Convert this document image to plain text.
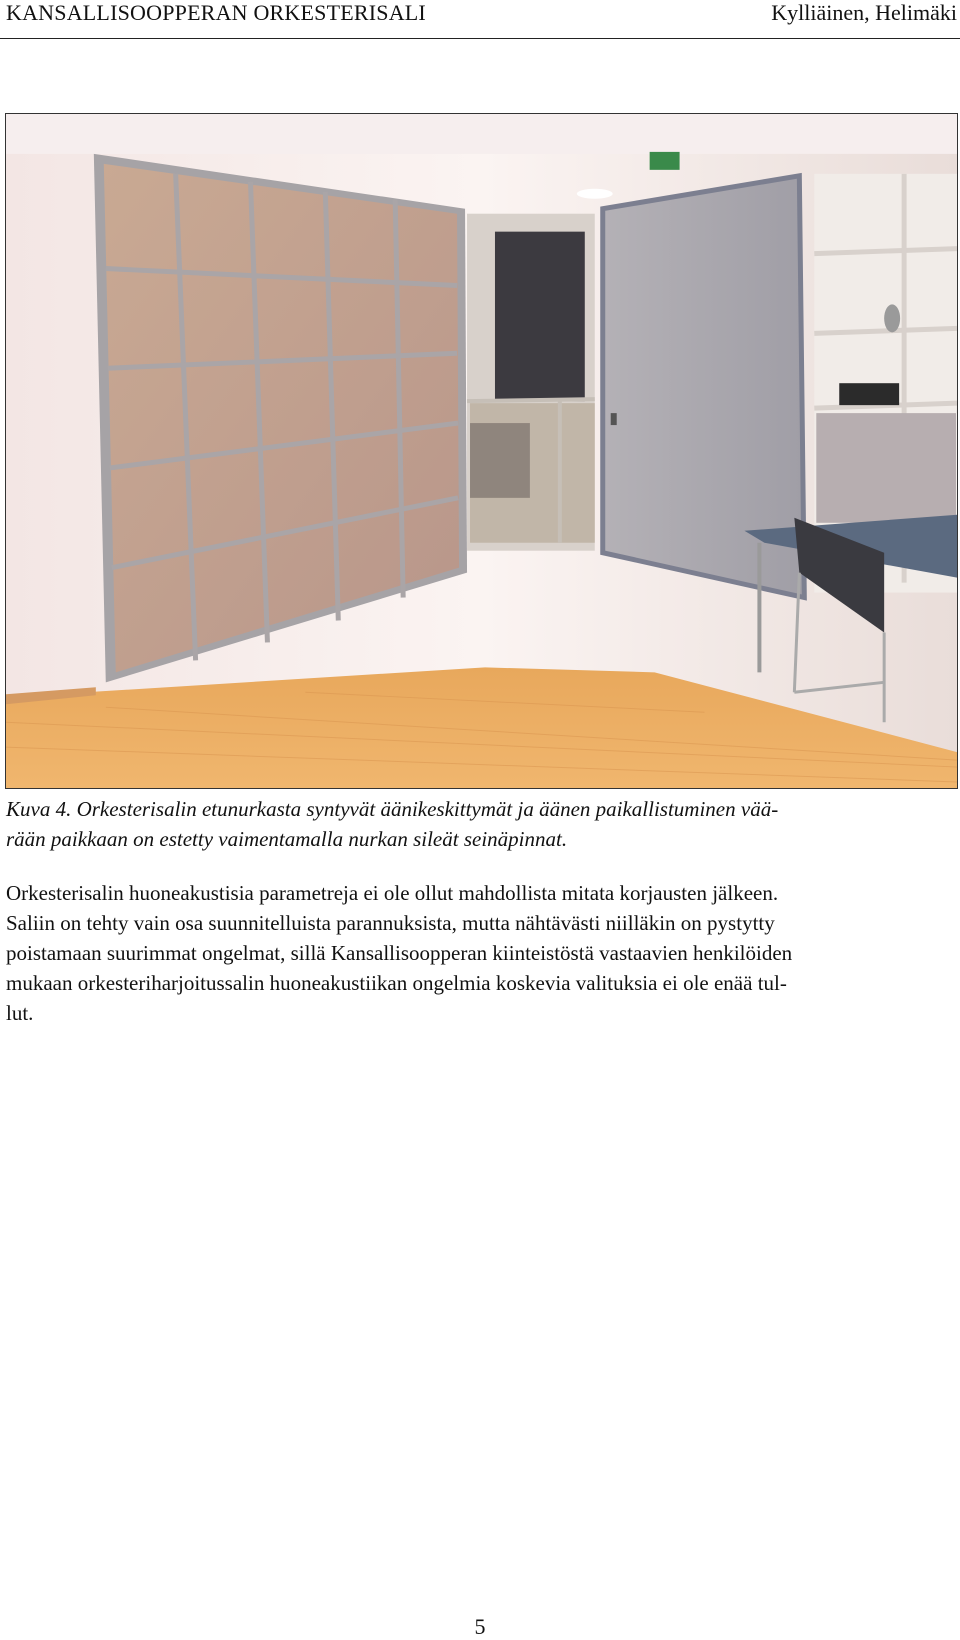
KANSALLISOOPPERAN ORKESTERISALI	Kylliäinen, Helimäki
Kuva 4. Orkesterisalin etunurkasta syntyvät äänikeskittymät ja äänen paikallistuminen vää-
rään paikkaan on estetty vaimentamalla nurkan sileät seinäpinnat.
Orkesterisalin huoneakustisia parametreja ei ole ollut mahdollista mitata korjausten jälkeen.
Saliin on tehty vain osa suunnitelluista parannuksista, mutta nähtävästi niilläkin on pystytty
poistamaan suurimmat ongelmat, sillä Kansallisoopperan kiinteistöstä vastaavien henkilöiden
mukaan orkesteriharjoitussalin huoneakustiikan ongelmia koskevia valituksia ei ole enää tul-
lut.
5
